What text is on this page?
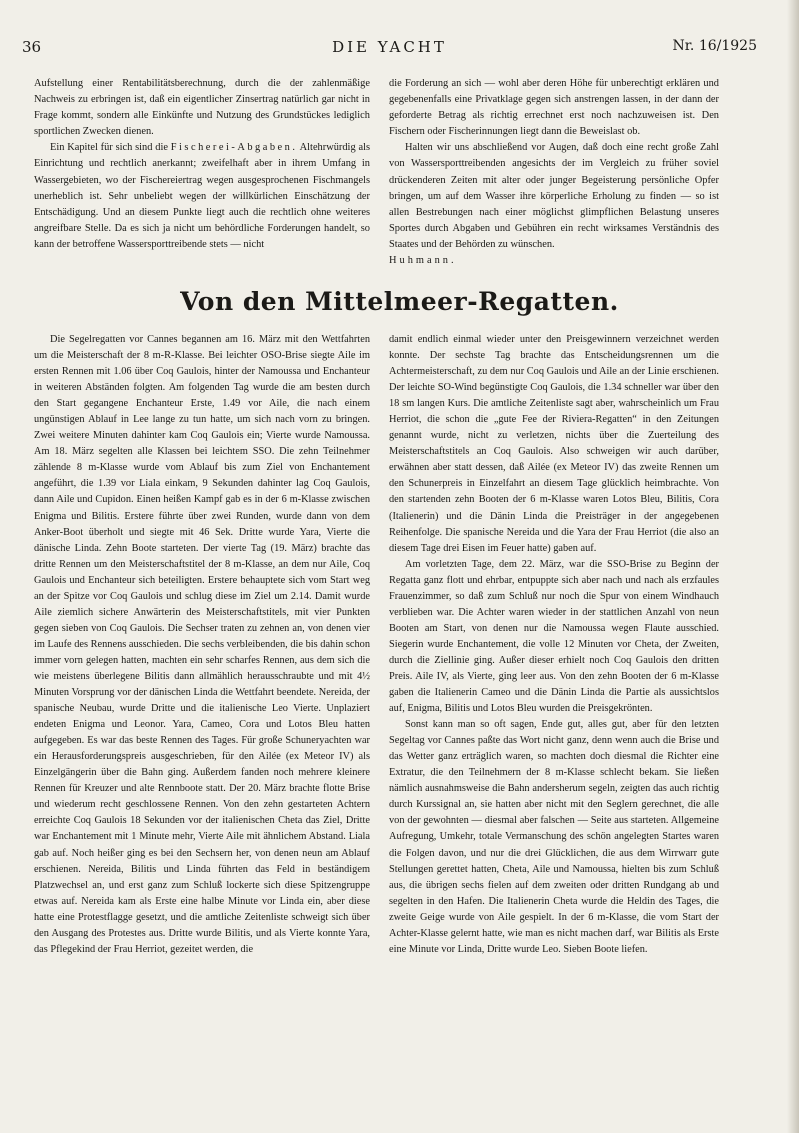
36	DIE YACHT	Nr. 16/1925

Aufstellung einer Rentabilitätsberechnung, durch die der zahlenmäßige Nachweis zu erbringen ist, daß ein eigentlicher Zinsertrag natürlich gar nicht in Frage kommt, sondern alle Einkünfte und Nutzung des Grundstückes lediglich sportlichen Zwecken dienen.

Ein Kapitel für sich sind die Fischerei-Abgaben. Altehrwürdig als Einrichtung und rechtlich anerkannt; zweifelhaft aber in ihrem Umfang in Wassergebieten, wo der Fischereiertrag wegen ausgesprochenen Fischmangels unerheblich ist. Sehr unbeliebt wegen der willkürlichen Einschätzung der Entschädigung. Und an diesem Punkte liegt auch die rechtlich ohne weiteres angreifbare Stelle. Da es sich ja nicht um behördliche Forderungen handelt, so kann der betroffene Wassersporttreibende stets — nicht

die Forderung an sich — wohl aber deren Höhe für unberechtigt erklären und gegebenenfalls eine Privatklage gegen sich anstrengen lassen, in der dann der geforderte Betrag als richtig errechnet erst noch nachzuweisen ist. Den Fischern oder Fischerinnungen liegt dann die Beweislast ob.

Halten wir uns abschließend vor Augen, daß doch eine recht große Zahl von Wassersporttreibenden angesichts der im Vergleich zu früher soviel drückenderen Zeiten mit alter oder junger Begeisterung persönliche Opfer bringen, um auf dem Wasser ihre körperliche Erholung zu finden — so ist allen Bestrebungen nach einer möglichst glimpflichen Belastung unseres Sportes durch Abgaben und Gebühren ein recht wirksames Verständnis des Staates und der Behörden zu wünschen.

Huhmann.

Von den Mittelmeer-Regatten.

Die Segelregatten vor Cannes begannen am 16. März mit den Wettfahrten um die Meisterschaft der 8 m-R-Klasse. Bei leichter OSO-Brise siegte Aile im ersten Rennen mit 1.06 über Coq Gaulois, hinter der Namoussa und Enchanteur in weiteren Abständen folgten. Am folgenden Tag wurde die am besten durch den Start gegangene Enchanteur Erste, 1.49 vor Aile, die nach einem ungünstigen Ablauf in Lee lange zu tun hatte, um sich nach vorn zu bringen. Zwei weitere Minuten dahinter kam Coq Gaulois ein; Vierte wurde Namoussa. Am 18. März segelten alle Klassen bei leichtem SSO. Die zehn Teilnehmer zählende 8 m-Klasse wurde vom Ablauf bis zum Ziel von Enchantement angeführt, die 1.39 vor Liala einkam, 9 Sekunden dahinter lag Coq Gaulois, dann Aile und Cupidon. Einen heißen Kampf gab es in der 6 m-Klasse zwischen Enigma und Bilitis. Erstere führte über zwei Runden, wurde dann von dem Anker-Boot überholt und siegte mit 46 Sek. Dritte wurde Yara, Vierte die dänische Linda. Zehn Boote starteten. Der vierte Tag (19. März) brachte das dritte Rennen um den Meisterschaftstitel der 8 m-Klasse, an dem nur Aile, Coq Gaulois und Enchanteur sich beteiligten. Erstere behauptete sich vom Start weg an der Spitze vor Coq Gaulois und schlug diese im Ziel um 2.14. Damit wurde Aile ziemlich sichere Anwärterin des Meisterschaftstitels, mit vier Punkten gegen sieben von Coq Gaulois. Die Sechser traten zu zehnen an, von denen vier im Laufe des Rennens ausschieden. Die sechs verbleibenden, die bis dahin schon immer vorn gelegen hatten, machten ein sehr scharfes Rennen, aus dem sich die wie meistens überlegene Bilitis dann allmählich herausschraubte und mit 4½ Minuten Vorsprung vor der dänischen Linda die Wettfahrt beendete. Nereida, der spanische Neubau, wurde Dritte und die italienische Leo Vierte. Unplaziert endeten Enigma und Leonor. Yara, Cameo, Cora und Lotos Bleu hatten aufgegeben. Es war das beste Rennen des Tages. Für große Schuneryachten war ein Herausforderungspreis ausgeschrieben, für den Ailée (ex Meteor IV) als Einzelgängerin über die Bahn ging. Außerdem fanden noch mehrere kleinere Rennen für Kreuzer und alte Rennboote statt. Der 20. März brachte flotte Brise und wiederum recht geschlossene Rennen. Von den zehn gestarteten Achtern erreichte Coq Gaulois 18 Sekunden vor der italienischen Cheta das Ziel, Dritte war Enchantement mit 1 Minute mehr, Vierte Aile mit ähnlichem Abstand. Liala gab auf. Noch heißer ging es bei den Sechsern her, von denen neun am Ablauf erschienen. Nereida, Bilitis und Linda führten das Feld in beständigem Platzwechsel an, und erst ganz zum Schluß lockerte sich diese Spitzengruppe etwas auf. Nereida kam als Erste eine halbe Minute vor Linda ein, aber diese hatte eine Protestflagge gesetzt, und die amtliche Zeitenliste schweigt sich über den Ausgang des Protestes aus. Dritte wurde Bilitis, und als Vierte konnte Yara, das Pflegekind der Frau Herriot, gezeitet werden, die

damit endlich einmal wieder unter den Preisgewinnern verzeichnet werden konnte. Der sechste Tag brachte das Entscheidungsrennen um die Achtermeisterschaft, zu dem nur Coq Gaulois und Aile an der Linie erschienen. Der leichte SO-Wind begünstigte Coq Gaulois, die 1.34 schneller war über den 18 sm langen Kurs. Die amtliche Zeitenliste sagt aber, wahrscheinlich um Frau Herriot, die schon die „gute Fee der Riviera-Regatten“ in den Zeitungen genannt wurde, nicht zu verletzen, nichts über die Zuerteilung des Meisterschaftstitels an Coq Gaulois. Also schweigen wir auch darüber, erwähnen aber statt dessen, daß Ailée (ex Meteor IV) das zweite Rennen um den Schunerpreis in Einzelfahrt an diesem Tage glücklich heimbrachte. Von den startenden zehn Booten der 6 m-Klasse waren Lotos Bleu, Bilitis, Cora (Italienerin) und die Dänin Linda die Preisträger in der angegebenen Reihenfolge. Die spanische Nereida und die Yara der Frau Herriot (die also an diesem Tage drei Eisen im Feuer hatte) gaben auf.

Am vorletzten Tage, dem 22. März, war die SSO-Brise zu Beginn der Regatta ganz flott und ehrbar, entpuppte sich aber nach und nach als erzfaules Frauenzimmer, so daß zum Schluß nur noch die Spur von einem Windhauch verblieben war. Die Achter waren wieder in der stattlichen Anzahl von neun Booten am Start, von denen nur die Namoussa wegen Flaute ausschied. Siegerin wurde Enchantement, die volle 12 Minuten vor Cheta, der Zweiten, durch die Ziellinie ging. Außer dieser erhielt noch Coq Gaulois den dritten Preis. Aile IV, als Vierte, ging leer aus. Von den zehn Booten der 6 m-Klasse gaben die Italienerin Cameo und die Dänin Linda die Partie als aussichtslos auf, Enigma, Bilitis und Lotos Bleu wurden die Preisgekrönten.

Sonst kann man so oft sagen, Ende gut, alles gut, aber für den letzten Segeltag vor Cannes paßte das Wort nicht ganz, denn wenn auch die Brise und das Wetter ganz erträglich waren, so machten doch diesmal die Richter eine Extratur, die den Teilnehmern der 8 m-Klasse schlecht bekam. Sie ließen nämlich ausnahmsweise die Bahn andersherum segeln, zeigten das auch richtig durch Kurssignal an, sie hatten aber nicht mit den Seglern gerechnet, die alle von der gewohnten — diesmal aber falschen — Seite aus starteten. Allgemeine Aufregung, Umkehr, totale Vermanschung des schön angelegten Startes waren die Folgen davon, und nur die drei Glücklichen, die aus dem Wirrwarr gute Stellungen gerettet hatten, Cheta, Aile und Namoussa, hielten bis zum Schluß aus, die übrigen sechs fielen auf dem zweiten oder dritten Rundgang ab und segelten in den Hafen. Die Italienerin Cheta wurde die Heldin des Tages, die zweite Geige wurde von Aile gespielt. In der 6 m-Klasse, die vom Start der Achter-Klasse gelernt hatte, wie man es nicht machen darf, war Bilitis als Erste eine Minute vor Linda, Dritte wurde Leo. Sieben Boote liefen.
